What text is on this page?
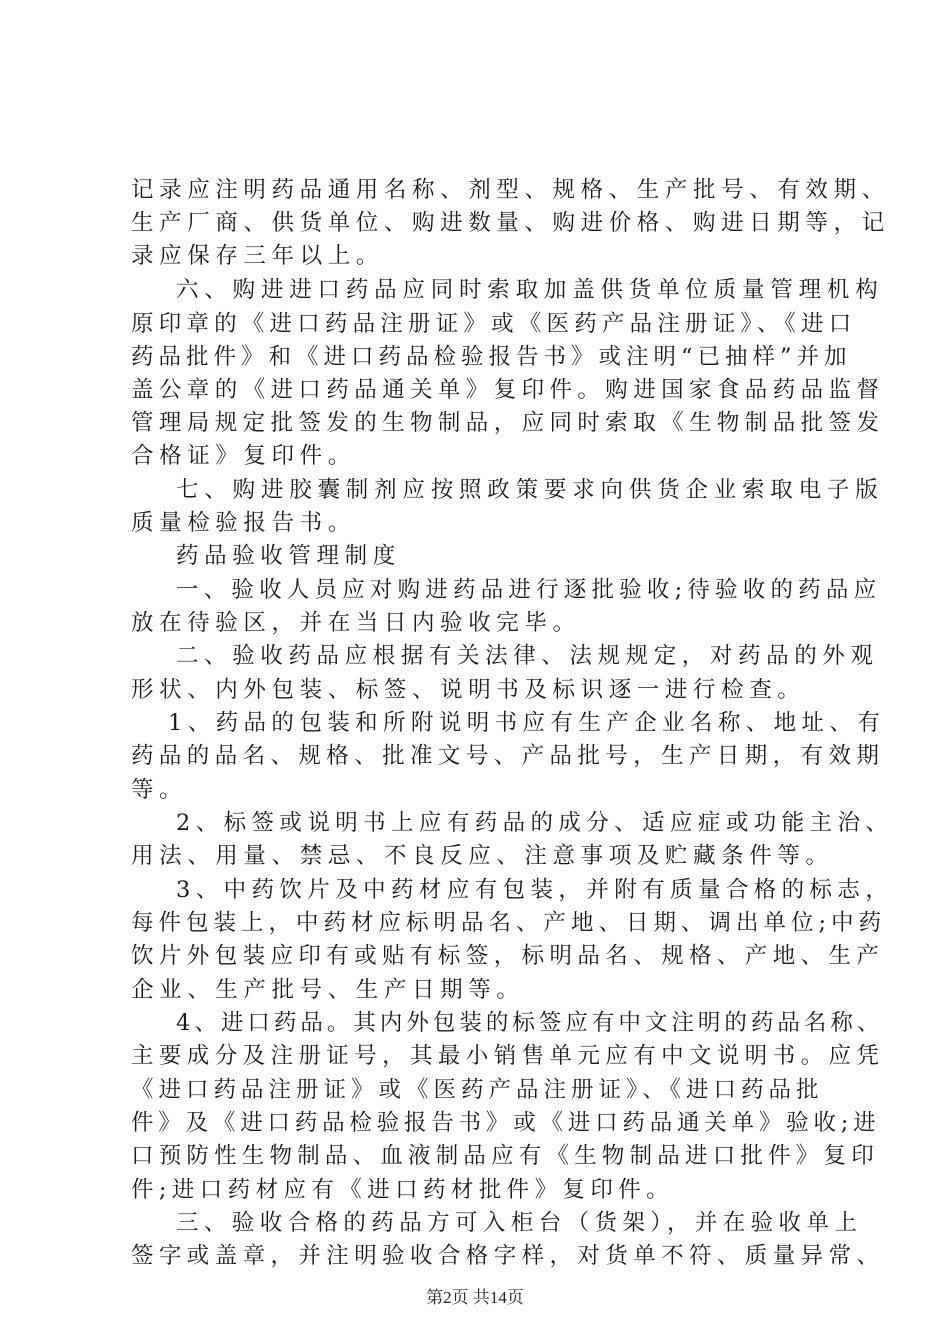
记录应注明药品通用名称、剂型、规格、生产批号、有效期、
生产厂商、供货单位、购进数量、购进价格、购进日期等，记
录应保存三年以上。
六、购进进口药品应同时索取加盖供货单位质量管理机构
原印章的《进口药品注册证》或《医药产品注册证》、《进口
药品批件》和《进口药品检验报告书》或注明“已抽样”并加
盖公章的《进口药品通关单》复印件。购进国家食品药品监督
管理局规定批签发的生物制品，应同时索取《生物制品批签发
合格证》复印件。
七、购进胶囊制剂应按照政策要求向供货企业索取电子版
质量检验报告书。
药品验收管理制度
一、验收人员应对购进药品进行逐批验收;待验收的药品应
放在待验区，并在当日内验收完毕。
二、验收药品应根据有关法律、法规规定，对药品的外观
形状、内外包装、标签、说明书及标识逐一进行检查。
1、药品的包装和所附说明书应有生产企业名称、地址、有
药品的品名、规格、批准文号、产品批号，生产日期，有效期
等。
2、标签或说明书上应有药品的成分、适应症或功能主治、
用法、用量、禁忌、不良反应、注意事项及贮藏条件等。
3、中药饮片及中药材应有包装，并附有质量合格的标志，
每件包装上，中药材应标明品名、产地、日期、调出单位;中药
饮片外包装应印有或贴有标签，标明品名、规格、产地、生产
企业、生产批号、生产日期等。
4、进口药品。其内外包装的标签应有中文注明的药品名称、
主要成分及注册证号，其最小销售单元应有中文说明书。应凭
《进口药品注册证》或《医药产品注册证》、《进口药品批
件》及《进口药品检验报告书》或《进口药品通关单》验收;进
口预防性生物制品、血液制品应有《生物制品进口批件》复印
件;进口药材应有《进口药材批件》复印件。
三、验收合格的药品方可入柜台（货架），并在验收单上
签字或盖章，并注明验收合格字样，对货单不符、质量异常、
第2页 共14页
